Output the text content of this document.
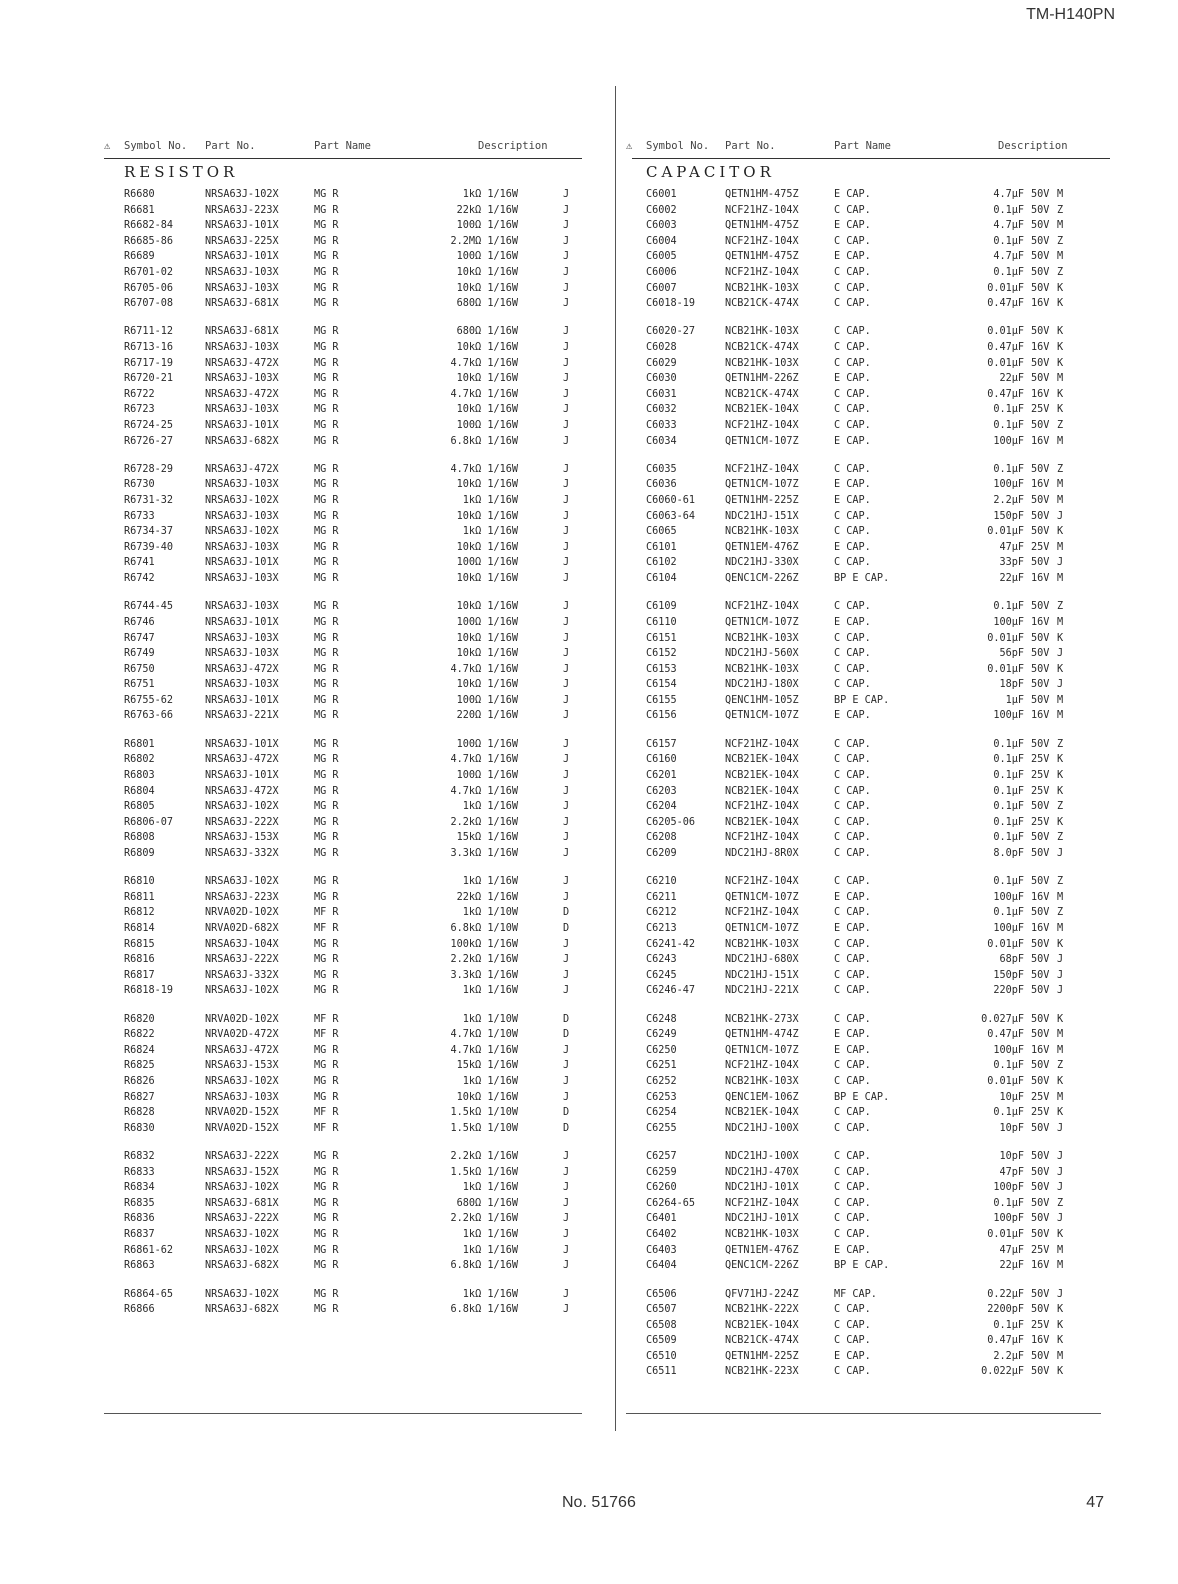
TM-H140PN
⚠ Symbol No. Part No.	Part Name	Description
RESISTOR
R6680	NRSA63J-102X	MG R	1kΩ 1/16W	J
R6681	NRSA63J-223X	MG R	22kΩ 1/16W	J
R6682-84	NRSA63J-101X	MG R	100Ω 1/16W	J
R6685-86	NRSA63J-225X	MG R	2.2MΩ 1/16W	J
R6689	NRSA63J-101X	MG R	100Ω 1/16W	J
R6701-02	NRSA63J-103X	MG R	10kΩ 1/16W	J
R6705-06	NRSA63J-103X	MG R	10kΩ 1/16W	J
R6707-08	NRSA63J-681X	MG R	680Ω 1/16W	J
R6711-12	NRSA63J-681X	MG R	680Ω 1/16W	J
R6713-16	NRSA63J-103X	MG R	10kΩ 1/16W	J
R6717-19	NRSA63J-472X	MG R	4.7kΩ 1/16W	J
R6720-21	NRSA63J-103X	MG R	10kΩ 1/16W	J
R6722	NRSA63J-472X	MG R	4.7kΩ 1/16W	J
R6723	NRSA63J-103X	MG R	10kΩ 1/16W	J
R6724-25	NRSA63J-101X	MG R	100Ω 1/16W	J
R6726-27	NRSA63J-682X	MG R	6.8kΩ 1/16W	J
R6728-29	NRSA63J-472X	MG R	4.7kΩ 1/16W	J
R6730	NRSA63J-103X	MG R	10kΩ 1/16W	J
R6731-32	NRSA63J-102X	MG R	1kΩ 1/16W	J
R6733	NRSA63J-103X	MG R	10kΩ 1/16W	J
R6734-37	NRSA63J-102X	MG R	1kΩ 1/16W	J
R6739-40	NRSA63J-103X	MG R	10kΩ 1/16W	J
R6741	NRSA63J-101X	MG R	100Ω 1/16W	J
R6742	NRSA63J-103X	MG R	10kΩ 1/16W	J
R6744-45	NRSA63J-103X	MG R	10kΩ 1/16W	J
R6746	NRSA63J-101X	MG R	100Ω 1/16W	J
R6747	NRSA63J-103X	MG R	10kΩ 1/16W	J
R6749	NRSA63J-103X	MG R	10kΩ 1/16W	J
R6750	NRSA63J-472X	MG R	4.7kΩ 1/16W	J
R6751	NRSA63J-103X	MG R	10kΩ 1/16W	J
R6755-62	NRSA63J-101X	MG R	100Ω 1/16W	J
R6763-66	NRSA63J-221X	MG R	220Ω 1/16W	J
R6801	NRSA63J-101X	MG R	100Ω 1/16W	J
R6802	NRSA63J-472X	MG R	4.7kΩ 1/16W	J
R6803	NRSA63J-101X	MG R	100Ω 1/16W	J
R6804	NRSA63J-472X	MG R	4.7kΩ 1/16W	J
R6805	NRSA63J-102X	MG R	1kΩ 1/16W	J
R6806-07	NRSA63J-222X	MG R	2.2kΩ 1/16W	J
R6808	NRSA63J-153X	MG R	15kΩ 1/16W	J
R6809	NRSA63J-332X	MG R	3.3kΩ 1/16W	J
R6810	NRSA63J-102X	MG R	1kΩ 1/16W	J
R6811	NRSA63J-223X	MG R	22kΩ 1/16W	J
R6812	NRVA02D-102X	MF R	1kΩ 1/10W	D
R6814	NRVA02D-682X	MF R	6.8kΩ 1/10W	D
R6815	NRSA63J-104X	MG R	100kΩ 1/16W	J
R6816	NRSA63J-222X	MG R	2.2kΩ 1/16W	J
R6817	NRSA63J-332X	MG R	3.3kΩ 1/16W	J
R6818-19	NRSA63J-102X	MG R	1kΩ 1/16W	J
R6820	NRVA02D-102X	MF R	1kΩ 1/10W	D
R6822	NRVA02D-472X	MF R	4.7kΩ 1/10W	D
R6824	NRSA63J-472X	MG R	4.7kΩ 1/16W	J
R6825	NRSA63J-153X	MG R	15kΩ 1/16W	J
R6826	NRSA63J-102X	MG R	1kΩ 1/16W	J
R6827	NRSA63J-103X	MG R	10kΩ 1/16W	J
R6828	NRVA02D-152X	MF R	1.5kΩ 1/10W	D
R6830	NRVA02D-152X	MF R	1.5kΩ 1/10W	D
R6832	NRSA63J-222X	MG R	2.2kΩ 1/16W	J
R6833	NRSA63J-152X	MG R	1.5kΩ 1/16W	J
R6834	NRSA63J-102X	MG R	1kΩ 1/16W	J
R6835	NRSA63J-681X	MG R	680Ω 1/16W	J
R6836	NRSA63J-222X	MG R	2.2kΩ 1/16W	J
R6837	NRSA63J-102X	MG R	1kΩ 1/16W	J
R6861-62	NRSA63J-102X	MG R	1kΩ 1/16W	J
R6863	NRSA63J-682X	MG R	6.8kΩ 1/16W	J
R6864-65	NRSA63J-102X	MG R	1kΩ 1/16W	J
R6866	NRSA63J-682X	MG R	6.8kΩ 1/16W	J
⚠ Symbol No. Part No.	Part Name	Description
CAPACITOR
C6001	QETN1HM-475Z	E CAP.	4.7μF 50V M
C6002	NCF21HZ-104X	C CAP.	0.1μF 50V Z
C6003	QETN1HM-475Z	E CAP.	4.7μF 50V M
C6004	NCF21HZ-104X	C CAP.	0.1μF 50V Z
C6005	QETN1HM-475Z	E CAP.	4.7μF 50V M
C6006	NCF21HZ-104X	C CAP.	0.1μF 50V Z
C6007	NCB21HK-103X	C CAP.	0.01μF 50V K
C6018-19	NCB21CK-474X	C CAP.	0.47μF 16V K
C6020-27	NCB21HK-103X	C CAP.	0.01μF 50V K
C6028	NCB21CK-474X	C CAP.	0.47μF 16V K
C6029	NCB21HK-103X	C CAP.	0.01μF 50V K
C6030	QETN1HM-226Z	E CAP.	22μF 50V M
C6031	NCB21CK-474X	C CAP.	0.47μF 16V K
C6032	NCB21EK-104X	C CAP.	0.1μF 25V K
C6033	NCF21HZ-104X	C CAP.	0.1μF 50V Z
C6034	QETN1CM-107Z	E CAP.	100μF 16V M
C6035	NCF21HZ-104X	C CAP.	0.1μF 50V Z
C6036	QETN1CM-107Z	E CAP.	100μF 16V M
C6060-61	QETN1HM-225Z	E CAP.	2.2μF 50V M
C6063-64	NDC21HJ-151X	C CAP.	150pF 50V J
C6065	NCB21HK-103X	C CAP.	0.01μF 50V K
C6101	QETN1EM-476Z	E CAP.	47μF 25V M
C6102	NDC21HJ-330X	C CAP.	33pF 50V J
C6104	QENC1CM-226Z	BP E CAP.	22μF 16V M
C6109	NCF21HZ-104X	C CAP.	0.1μF 50V Z
C6110	QETN1CM-107Z	E CAP.	100μF 16V M
C6151	NCB21HK-103X	C CAP.	0.01μF 50V K
C6152	NDC21HJ-560X	C CAP.	56pF 50V J
C6153	NCB21HK-103X	C CAP.	0.01μF 50V K
C6154	NDC21HJ-180X	C CAP.	18pF 50V J
C6155	QENC1HM-105Z	BP E CAP.	1μF 50V M
C6156	QETN1CM-107Z	E CAP.	100μF 16V M
C6157	NCF21HZ-104X	C CAP.	0.1μF 50V Z
C6160	NCB21EK-104X	C CAP.	0.1μF 25V K
C6201	NCB21EK-104X	C CAP.	0.1μF 25V K
C6203	NCB21EK-104X	C CAP.	0.1μF 25V K
C6204	NCF21HZ-104X	C CAP.	0.1μF 50V Z
C6205-06	NCB21EK-104X	C CAP.	0.1μF 25V K
C6208	NCF21HZ-104X	C CAP.	0.1μF 50V Z
C6209	NDC21HJ-8R0X	C CAP.	8.0pF 50V J
C6210	NCF21HZ-104X	C CAP.	0.1μF 50V Z
C6211	QETN1CM-107Z	E CAP.	100μF 16V M
C6212	NCF21HZ-104X	C CAP.	0.1μF 50V Z
C6213	QETN1CM-107Z	E CAP.	100μF 16V M
C6241-42	NCB21HK-103X	C CAP.	0.01μF 50V K
C6243	NDC21HJ-680X	C CAP.	68pF 50V J
C6245	NDC21HJ-151X	C CAP.	150pF 50V J
C6246-47	NDC21HJ-221X	C CAP.	220pF 50V J
C6248	NCB21HK-273X	C CAP.	0.027μF 50V K
C6249	QETN1HM-474Z	E CAP.	0.47μF 50V M
C6250	QETN1CM-107Z	E CAP.	100μF 16V M
C6251	NCF21HZ-104X	C CAP.	0.1μF 50V Z
C6252	NCB21HK-103X	C CAP.	0.01μF 50V K
C6253	QENC1EM-106Z	BP E CAP.	10μF 25V M
C6254	NCB21EK-104X	C CAP.	0.1μF 25V K
C6255	NDC21HJ-100X	C CAP.	10pF 50V J
C6257	NDC21HJ-100X	C CAP.	10pF 50V J
C6259	NDC21HJ-470X	C CAP.	47pF 50V J
C6260	NDC21HJ-101X	C CAP.	100pF 50V J
C6264-65	NCF21HZ-104X	C CAP.	0.1μF 50V Z
C6401	NDC21HJ-101X	C CAP.	100pF 50V J
C6402	NCB21HK-103X	C CAP.	0.01μF 50V K
C6403	QETN1EM-476Z	E CAP.	47μF 25V M
C6404	QENC1CM-226Z	BP E CAP.	22μF 16V M
C6506	QFV71HJ-224Z	MF CAP.	0.22μF 50V J
C6507	NCB21HK-222X	C CAP.	2200pF 50V K
C6508	NCB21EK-104X	C CAP.	0.1μF 25V K
C6509	NCB21CK-474X	C CAP.	0.47μF 16V K
C6510	QETN1HM-225Z	E CAP.	2.2μF 50V M
C6511	NCB21HK-223X	C CAP.	0.022μF 50V K
No. 51766	47
